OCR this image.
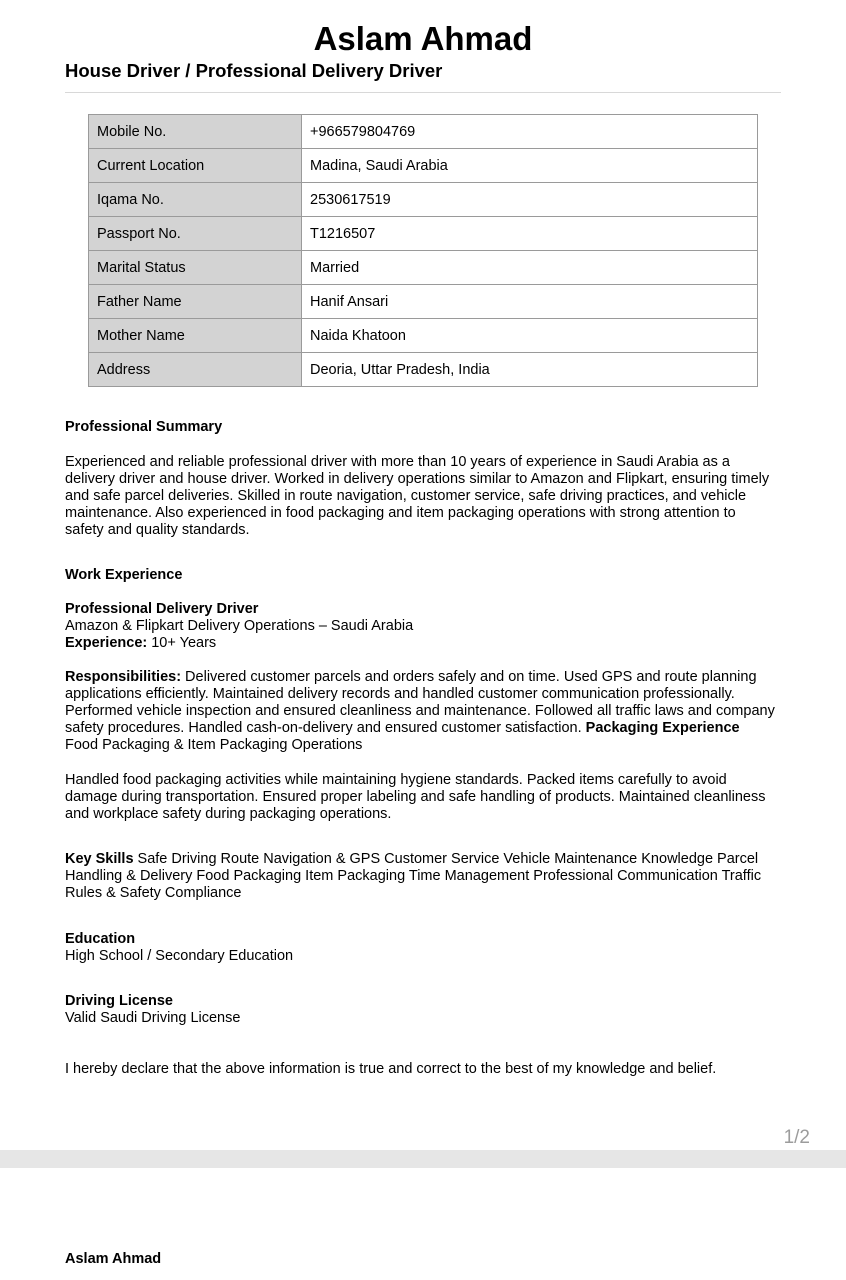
Aslam Ahmad
House Driver / Professional Delivery Driver
Mobile No.	+966579804769
Current Location	Madina, Saudi Arabia
Iqama No.	2530617519
Passport No.	T1216507
Marital Status	Married
Father Name	Hanif Ansari
Mother Name	Naida Khatoon
Address	Deoria, Uttar Pradesh, India
Professional Summary
Experienced and reliable professional driver with more than 10 years of experience in Saudi Arabia as a delivery driver and house driver. Worked in delivery operations similar to Amazon and Flipkart, ensuring timely and safe parcel deliveries. Skilled in route navigation, customer service, safe driving practices, and vehicle maintenance. Also experienced in food packaging and item packaging operations with strong attention to safety and quality standards.
Work Experience

Professional Delivery Driver

Amazon & Flipkart Delivery Operations – Saudi Arabia

Experience: 10+ Years

Responsibilities: Delivered customer parcels and orders safely and on time. Used GPS and route planning applications efficiently. Maintained delivery records and handled customer communication professionally. Performed vehicle inspection and ensured cleanliness and maintenance. Followed all traffic laws and company safety procedures. Handled cash-on-delivery and ensured customer satisfaction. Packaging Experience

Food Packaging & Item Packaging Operations

Handled food packaging activities while maintaining hygiene standards. Packed items carefully to avoid damage during transportation. Ensured proper labeling and safe handling of products. Maintained cleanliness and workplace safety during packaging operations.

Key Skills Safe Driving Route Navigation & GPS Customer Service Vehicle Maintenance Knowledge Parcel Handling & Delivery Food Packaging Item Packaging Time Management Professional Communication Traffic Rules & Safety Compliance

Education

High School / Secondary Education

Driving License

Valid Saudi Driving License

I hereby declare that the above information is true and correct to the best of my knowledge and belief.
1/2
Aslam Ahmad
